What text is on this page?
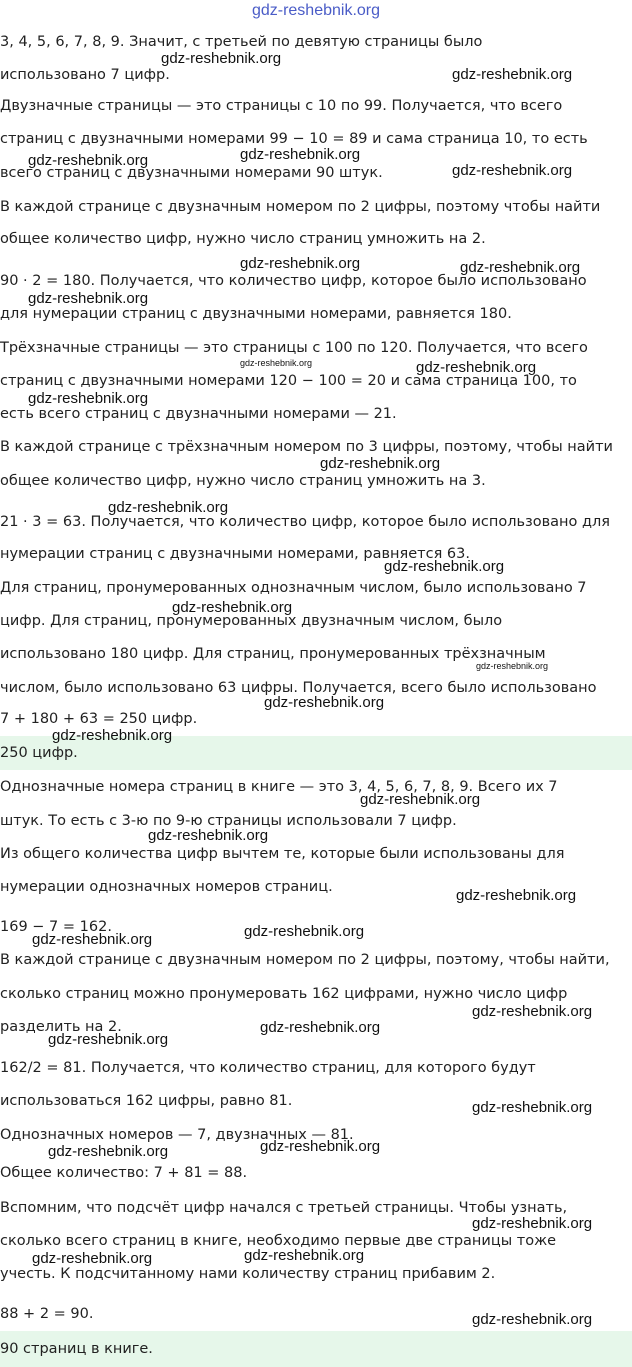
gdz-reshebnik.org
3, 4, 5, 6, 7, 8, 9. Значит, с третьей по девятую страницы было
использовано 7 цифр.
Двузначные страницы — это страницы с 10 по 99. Получается, что всего
страниц с двузначными номерами 99 − 10 = 89 и сама страница 10, то есть
всего страниц с двузначными номерами 90 штук.
В каждой странице с двузначным номером по 2 цифры, поэтому чтобы найти
общее количество цифр, нужно число страниц умножить на 2.
90 · 2 = 180. Получается, что количество цифр, которое было использовано
для нумерации страниц с двузначными номерами, равняется 180.
Трёхзначные страницы — это страницы с 100 по 120. Получается, что всего
страниц с двузначными номерами 120 − 100 = 20 и сама страница 100, то
есть всего страниц с двузначными номерами — 21.
В каждой странице с трёхзначным номером по 3 цифры, поэтому, чтобы найти
общее количество цифр, нужно число страниц умножить на 3.
21 · 3 = 63. Получается, что количество цифр, которое было использовано для
нумерации страниц с двузначными номерами, равняется 63.
Для страниц, пронумерованных однозначным числом, было использовано 7
цифр. Для страниц, пронумерованных двузначным числом, было
использовано 180 цифр. Для страниц, пронумерованных трёхзначным
числом, было использовано 63 цифры. Получается, всего было использовано
7 + 180 + 63 = 250 цифр.
250 цифр.
Однозначные номера страниц в книге — это 3, 4, 5, 6, 7, 8, 9. Всего их 7
штук. То есть с 3-ю по 9-ю страницы использовали 7 цифр.
Из общего количества цифр вычтем те, которые были использованы для
нумерации однозначных номеров страниц.
169 − 7 = 162.
В каждой странице с двузначным номером по 2 цифры, поэтому, чтобы найти,
сколько страниц можно пронумеровать 162 цифрами, нужно число цифр
разделить на 2.
162/2 = 81. Получается, что количество страниц, для которого будут
использоваться 162 цифры, равно 81.
Однозначных номеров — 7, двузначных — 81.
Общее количество: 7 + 81 = 88.
Вспомним, что подсчёт цифр начался с третьей страницы. Чтобы узнать,
сколько всего страниц в книге, необходимо первые две страницы тоже
учесть. К подсчитанному нами количеству страниц прибавим 2.
88 + 2 = 90.
90 страниц в книге.
gdz-reshebnik.org
gdz-reshebnik.org
gdz-reshebnik.org	gdz-reshebnik.org
gdz-reshebnik.org
gdz-reshebnik.org	gdz-reshebnik.org
gdz-reshebnik.org
gdz-reshebnik.org	gdz-reshebnik.org
gdz-reshebnik.org
gdz-reshebnik.org
gdz-reshebnik.org
gdz-reshebnik.org
gdz-reshebnik.org
gdz-reshebnik.org
gdz-reshebnik.org
gdz-reshebnik.org
gdz-reshebnik.org
gdz-reshebnik.org
gdz-reshebnik.org
gdz-reshebnik.org
gdz-reshebnik.org
gdz-reshebnik.org
gdz-reshebnik.org
gdz-reshebnik.org
gdz-reshebnik.org
gdz-reshebnik.org
gdz-reshebnik.org
gdz-reshebnik.org
gdz-reshebnik.org
gdz-reshebnik.org
gdz-reshebnik.org
